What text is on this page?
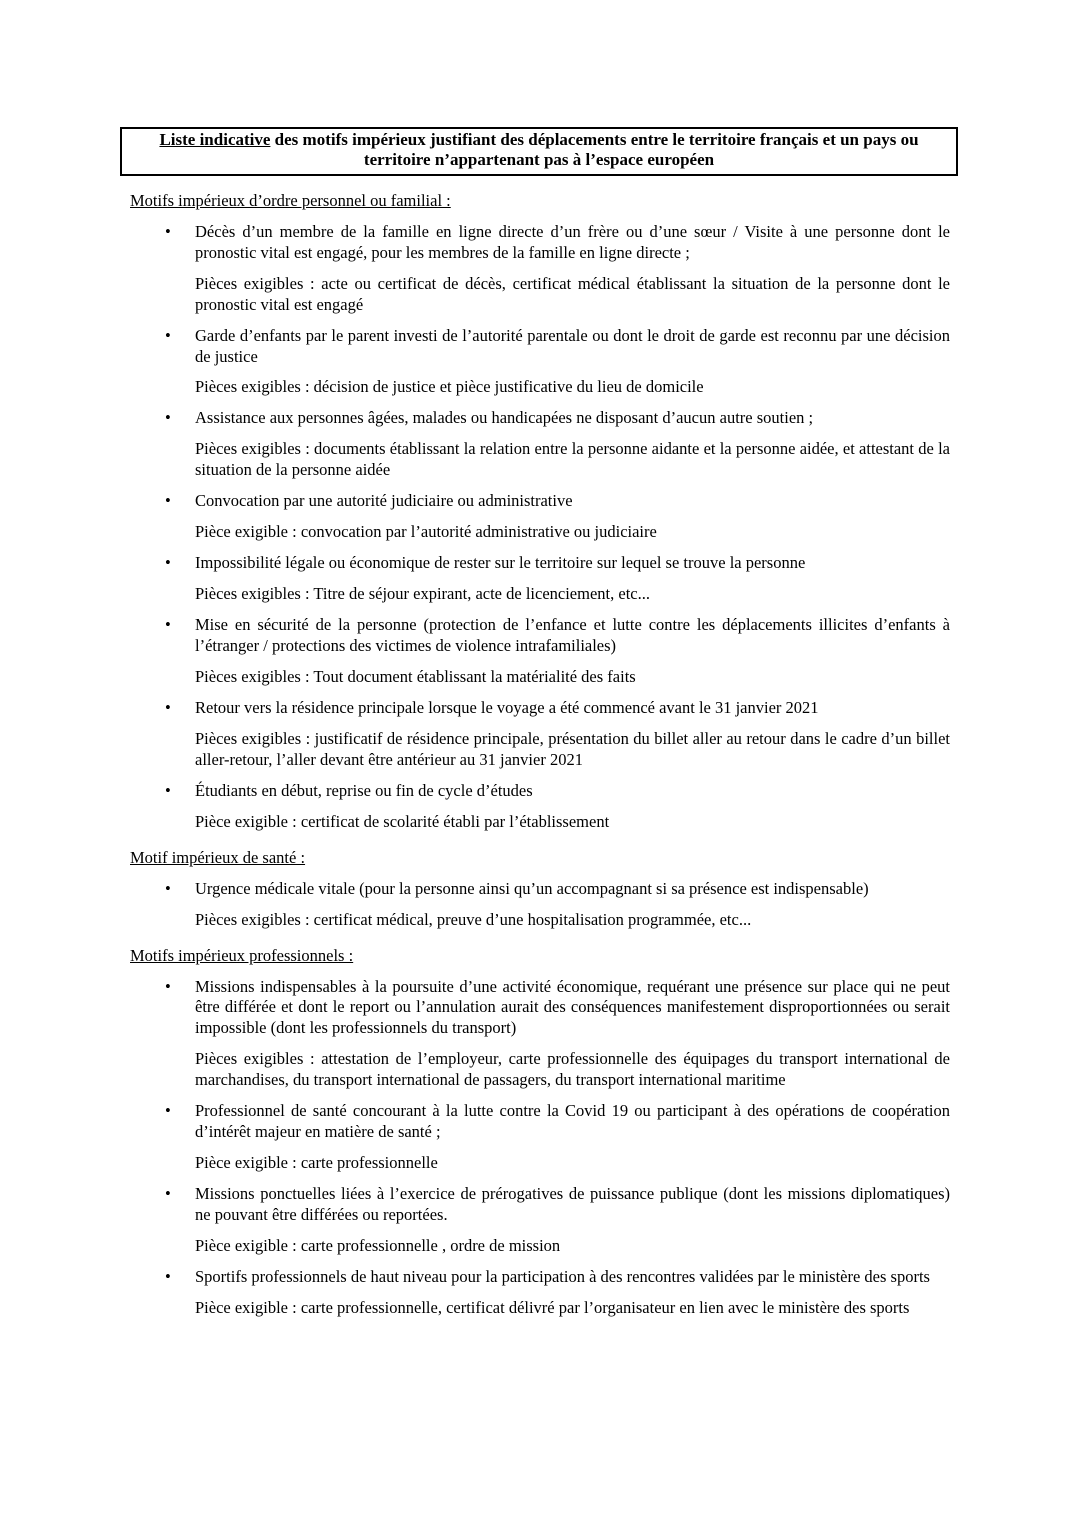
Liste indicative des motifs impérieux justifiant des déplacements entre le territoire français et un pays ou territoire n’appartenant pas à l’espace européen
Motifs impérieux d’ordre personnel ou familial :
• Décès d’un membre de la famille en ligne directe d’un frère ou d’une sœur / Visite à une personne dont le pronostic vital est engagé, pour les membres de la famille en ligne directe ;
Pièces exigibles : acte ou certificat de décès, certificat médical établissant la situation de la personne dont le pronostic vital est engagé
• Garde d’enfants par le parent investi de l’autorité parentale ou dont le droit de garde est reconnu par une décision de justice
Pièces exigibles : décision de justice et pièce justificative du lieu de domicile
• Assistance aux personnes âgées, malades ou handicapées ne disposant d’aucun autre soutien ;
Pièces exigibles : documents établissant la relation entre la personne aidante et la personne aidée, et attestant de la situation de la personne aidée
• Convocation par une autorité judiciaire ou administrative
Pièce exigible : convocation par l’autorité administrative ou judiciaire
• Impossibilité légale ou économique de rester sur le territoire sur lequel se trouve la personne
Pièces exigibles : Titre de séjour expirant, acte de licenciement, etc...
• Mise en sécurité de la personne (protection de l’enfance et lutte contre les déplacements illicites d’enfants à l’étranger / protections des victimes de violence intrafamiliales)
Pièces exigibles : Tout document établissant la matérialité des faits
• Retour vers la résidence principale lorsque le voyage a été commencé avant le 31 janvier 2021
Pièces exigibles : justificatif de résidence principale, présentation du billet aller au retour dans le cadre d’un billet aller-retour, l’aller devant être antérieur au 31 janvier 2021
• Étudiants en début, reprise ou fin de cycle d’études
Pièce exigible : certificat de scolarité établi par l’établissement
Motif impérieux de santé :
• Urgence médicale vitale (pour la personne ainsi qu’un accompagnant si sa présence est indispensable)
Pièces exigibles : certificat médical, preuve d’une hospitalisation programmée, etc...
Motifs impérieux professionnels :
• Missions indispensables à la poursuite d’une activité économique, requérant une présence sur place qui ne peut être différée et dont le report ou l’annulation aurait des conséquences manifestement disproportionnées ou serait impossible (dont les professionnels du transport)
Pièces exigibles : attestation de l’employeur, carte professionnelle des équipages du transport international de marchandises, du transport international de passagers, du transport international maritime
• Professionnel de santé concourant à la lutte contre la Covid 19 ou participant à des opérations de coopération d’intérêt majeur en matière de santé ;
Pièce exigible : carte professionnelle
• Missions ponctuelles liées à l’exercice de prérogatives de puissance publique (dont les missions diplomatiques) ne pouvant être différées ou reportées.
Pièce exigible : carte professionnelle , ordre de mission
• Sportifs professionnels de haut niveau pour la participation à des rencontres validées par le ministère des sports
Pièce exigible : carte professionnelle, certificat délivré par l’organisateur en lien avec le ministère des sports
